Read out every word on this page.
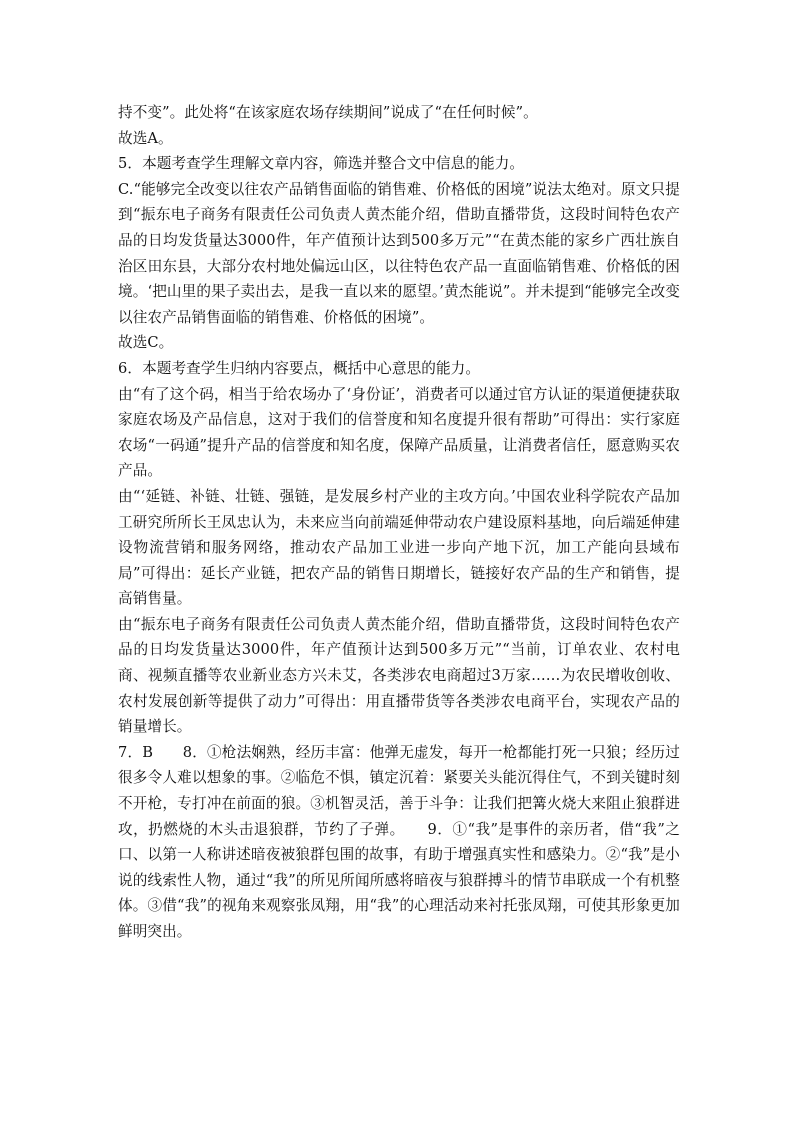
持不变”。此处将“在该家庭农场存续期间”说成了“在任何时候”。

故选A。

5．本题考查学生理解文章内容，筛选并整合文中信息的能力。

C.“能够完全改变以往农产品销售面临的销售难、价格低的困境”说法太绝对。原文只提到“振东电子商务有限责任公司负责人黄杰能介绍，借助直播带货，这段时间特色农产品的日均发货量达3000件，年产值预计达到500多万元”“在黄杰能的家乡广西壮族自治区田东县，大部分农村地处偏远山区，以往特色农产品一直面临销售难、价格低的困境。‘把山里的果子卖出去，是我一直以来的愿望。’黄杰能说”。并未提到“能够完全改变以往农产品销售面临的销售难、价格低的困境”。

故选C。

6．本题考查学生归纳内容要点，概括中心意思的能力。

由“有了这个码，相当于给农场办了‘身份证’，消费者可以通过官方认证的渠道便捷获取家庭农场及产品信息，这对于我们的信誉度和知名度提升很有帮助”可得出：实行家庭农场“一码通”提升产品的信誉度和知名度，保障产品质量，让消费者信任，愿意购买农产品。

由“‘延链、补链、壮链、强链，是发展乡村产业的主攻方向。’中国农业科学院农产品加工研究所所长王凤忠认为，未来应当向前端延伸带动农户建设原料基地，向后端延伸建设物流营销和服务网络，推动农产品加工业进一步向产地下沉，加工产能向县域布局”可得出：延长产业链，把农产品的销售日期增长，链接好农产品的生产和销售，提高销售量。

由“振东电子商务有限责任公司负责人黄杰能介绍，借助直播带货，这段时间特色农产品的日均发货量达3000件，年产值预计达到500多万元”“当前，订单农业、农村电商、视频直播等农业新业态方兴未艾，各类涉农电商超过3万家……为农民增收创收、农村发展创新等提供了动力”可得出：用直播带货等各类涉农电商平台，实现农产品的销量增长。

7．B　　8．①枪法娴熟，经历丰富：他弹无虚发，每开一枪都能打死一只狼；经历过很多令人难以想象的事。②临危不惧，镇定沉着：紧要关头能沉得住气，不到关键时刻不开枪，专打冲在前面的狼。③机智灵活，善于斗争：让我们把篝火烧大来阻止狼群进攻，扔燃烧的木头击退狼群，节约了子弹。　　9．①“我”是事件的亲历者，借“我”之口、以第一人称讲述暗夜被狼群包围的故事，有助于增强真实性和感染力。②“我”是小说的线索性人物，通过“我”的所见所闻所感将暗夜与狼群搏斗的情节串联成一个有机整体。③借“我”的视角来观察张凤翔，用“我”的心理活动来衬托张凤翔，可使其形象更加鲜明突出。
